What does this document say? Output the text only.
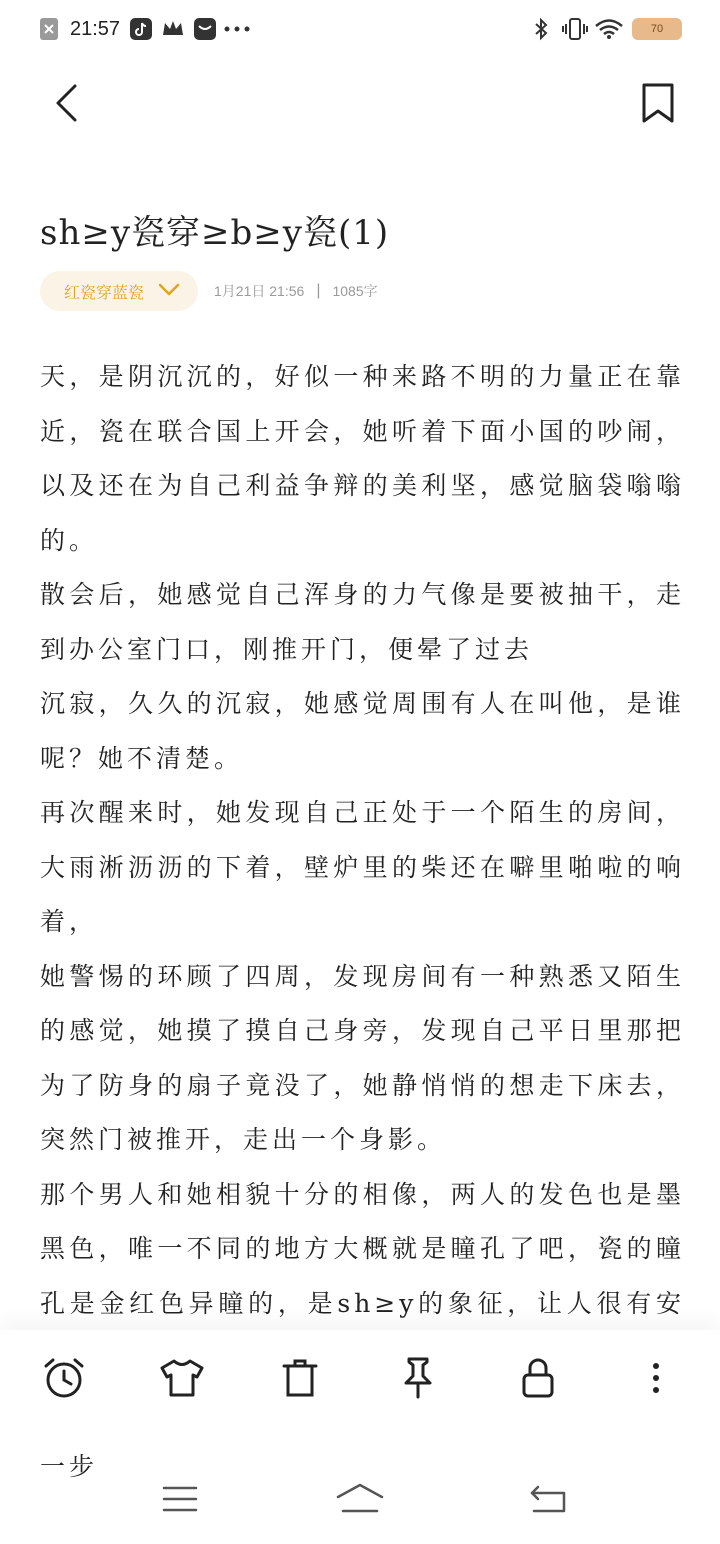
21:57	70
sh≥y瓷穿≥b≥y瓷(1)
红瓷穿蓝瓷	1月21日 21:56 | 1085字

天，是阴沉沉的，好似一种来路不明的力量正在靠近，瓷在联合国上开会，她听着下面小国的吵闹，以及还在为自己利益争辩的美利坚，感觉脑袋嗡嗡的。

散会后，她感觉自己浑身的力气像是要被抽干，走到办公室门口，刚推开门，便晕了过去

沉寂，久久的沉寂，她感觉周围有人在叫他，是谁呢？她不清楚。

再次醒来时，她发现自己正处于一个陌生的房间，大雨淅沥沥的下着，壁炉里的柴还在噼里啪啦的响着，

她警惕的环顾了四周，发现房间有一种熟悉又陌生的感觉，她摸了摸自己身旁，发现自己平日里那把为了防身的扇子竟没了，她静悄悄的想走下床去，突然门被推开，走出一个身影。

那个男人和她相貌十分的相像，两人的发色也是墨黑色，唯一不同的地方大概就是瞳孔了吧，瓷的瞳孔是金红色异瞳的，是sh≥y的象征，让人很有安 一步
